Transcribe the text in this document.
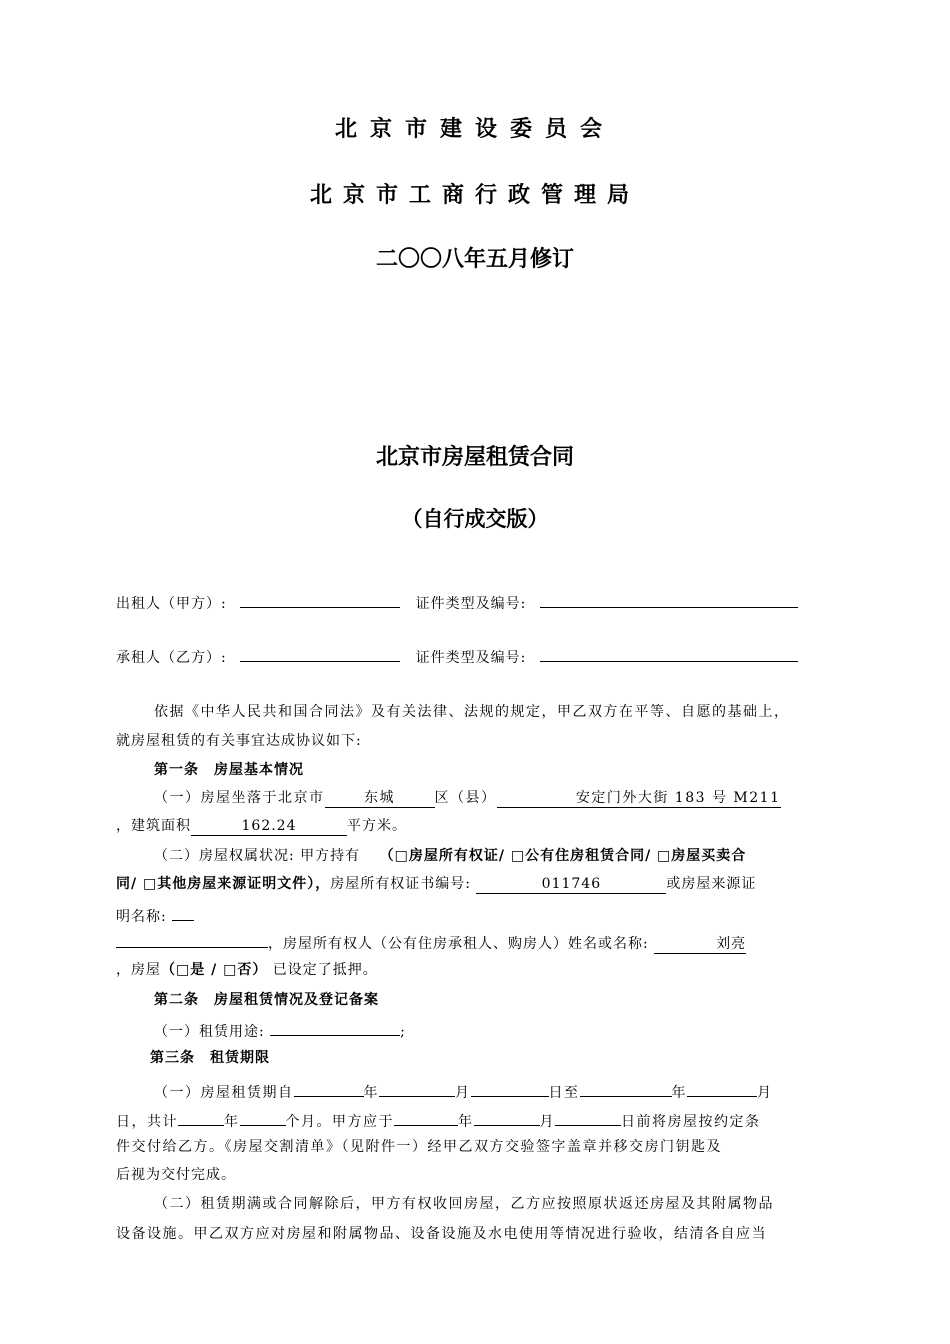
北京市建设委员会
北京市工商行政管理局
二〇〇八年五月修订
北京市房屋租赁合同
（自行成交版）
出租人（甲方）:	证件类型及编号:
承租人（乙方）:	证件类型及编号:
依据《中华人民共和国合同法》及有关法律、法规的规定，甲乙双方在平等、自愿的基础上，
就房屋租赁的有关事宜达成协议如下:
第一条　房屋基本情况
（一）房屋坐落于北京市	东城	区（县）	安定门外大街 183 号 M211
，建筑面积	162.24	平方米。
（二）房屋权属状况: 甲方持有 （□房屋所有权证/ □公有住房租赁合同/ □房屋买卖合
同/ □其他房屋来源证明文件），房屋所有权证书编号:	011746	或房屋来源证
明名称:
，房屋所有权人（公有住房承租人、购房人）姓名或名称:	刘亮
，房屋（□是 / □否） 已设定了抵押。
第二条　房屋租赁情况及登记备案
（一）租赁用途:	;
第三条　租赁期限
（一）房屋租赁期自	年	月	日至	年	月
日，共计	年	个月。甲方应于	年	月	日前将房屋按约定条
件交付给乙方。《房屋交割清单》（见附件一）经甲乙双方交验签字盖章并移交房门钥匙及
后视为交付完成。
（二）租赁期满或合同解除后，甲方有权收回房屋，乙方应按照原状返还房屋及其附属物品
设备设施。甲乙双方应对房屋和附属物品、设备设施及水电使用等情况进行验收，结清各自应当
